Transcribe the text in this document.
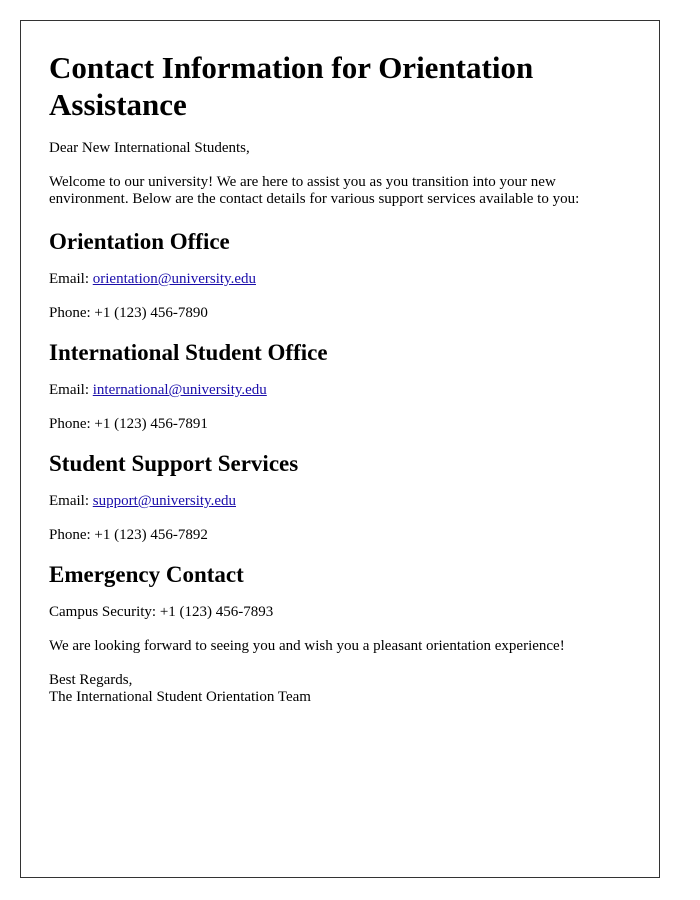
Contact Information for Orientation Assistance

Dear New International Students,

Welcome to our university! We are here to assist you as you transition into your new environment. Below are the contact details for various support services available to you:

Orientation Office

Email: orientation@university.edu

Phone: +1 (123) 456-7890

International Student Office

Email: international@university.edu

Phone: +1 (123) 456-7891

Student Support Services

Email: support@university.edu

Phone: +1 (123) 456-7892

Emergency Contact

Campus Security: +1 (123) 456-7893

We are looking forward to seeing you and wish you a pleasant orientation experience!

Best Regards,
The International Student Orientation Team
